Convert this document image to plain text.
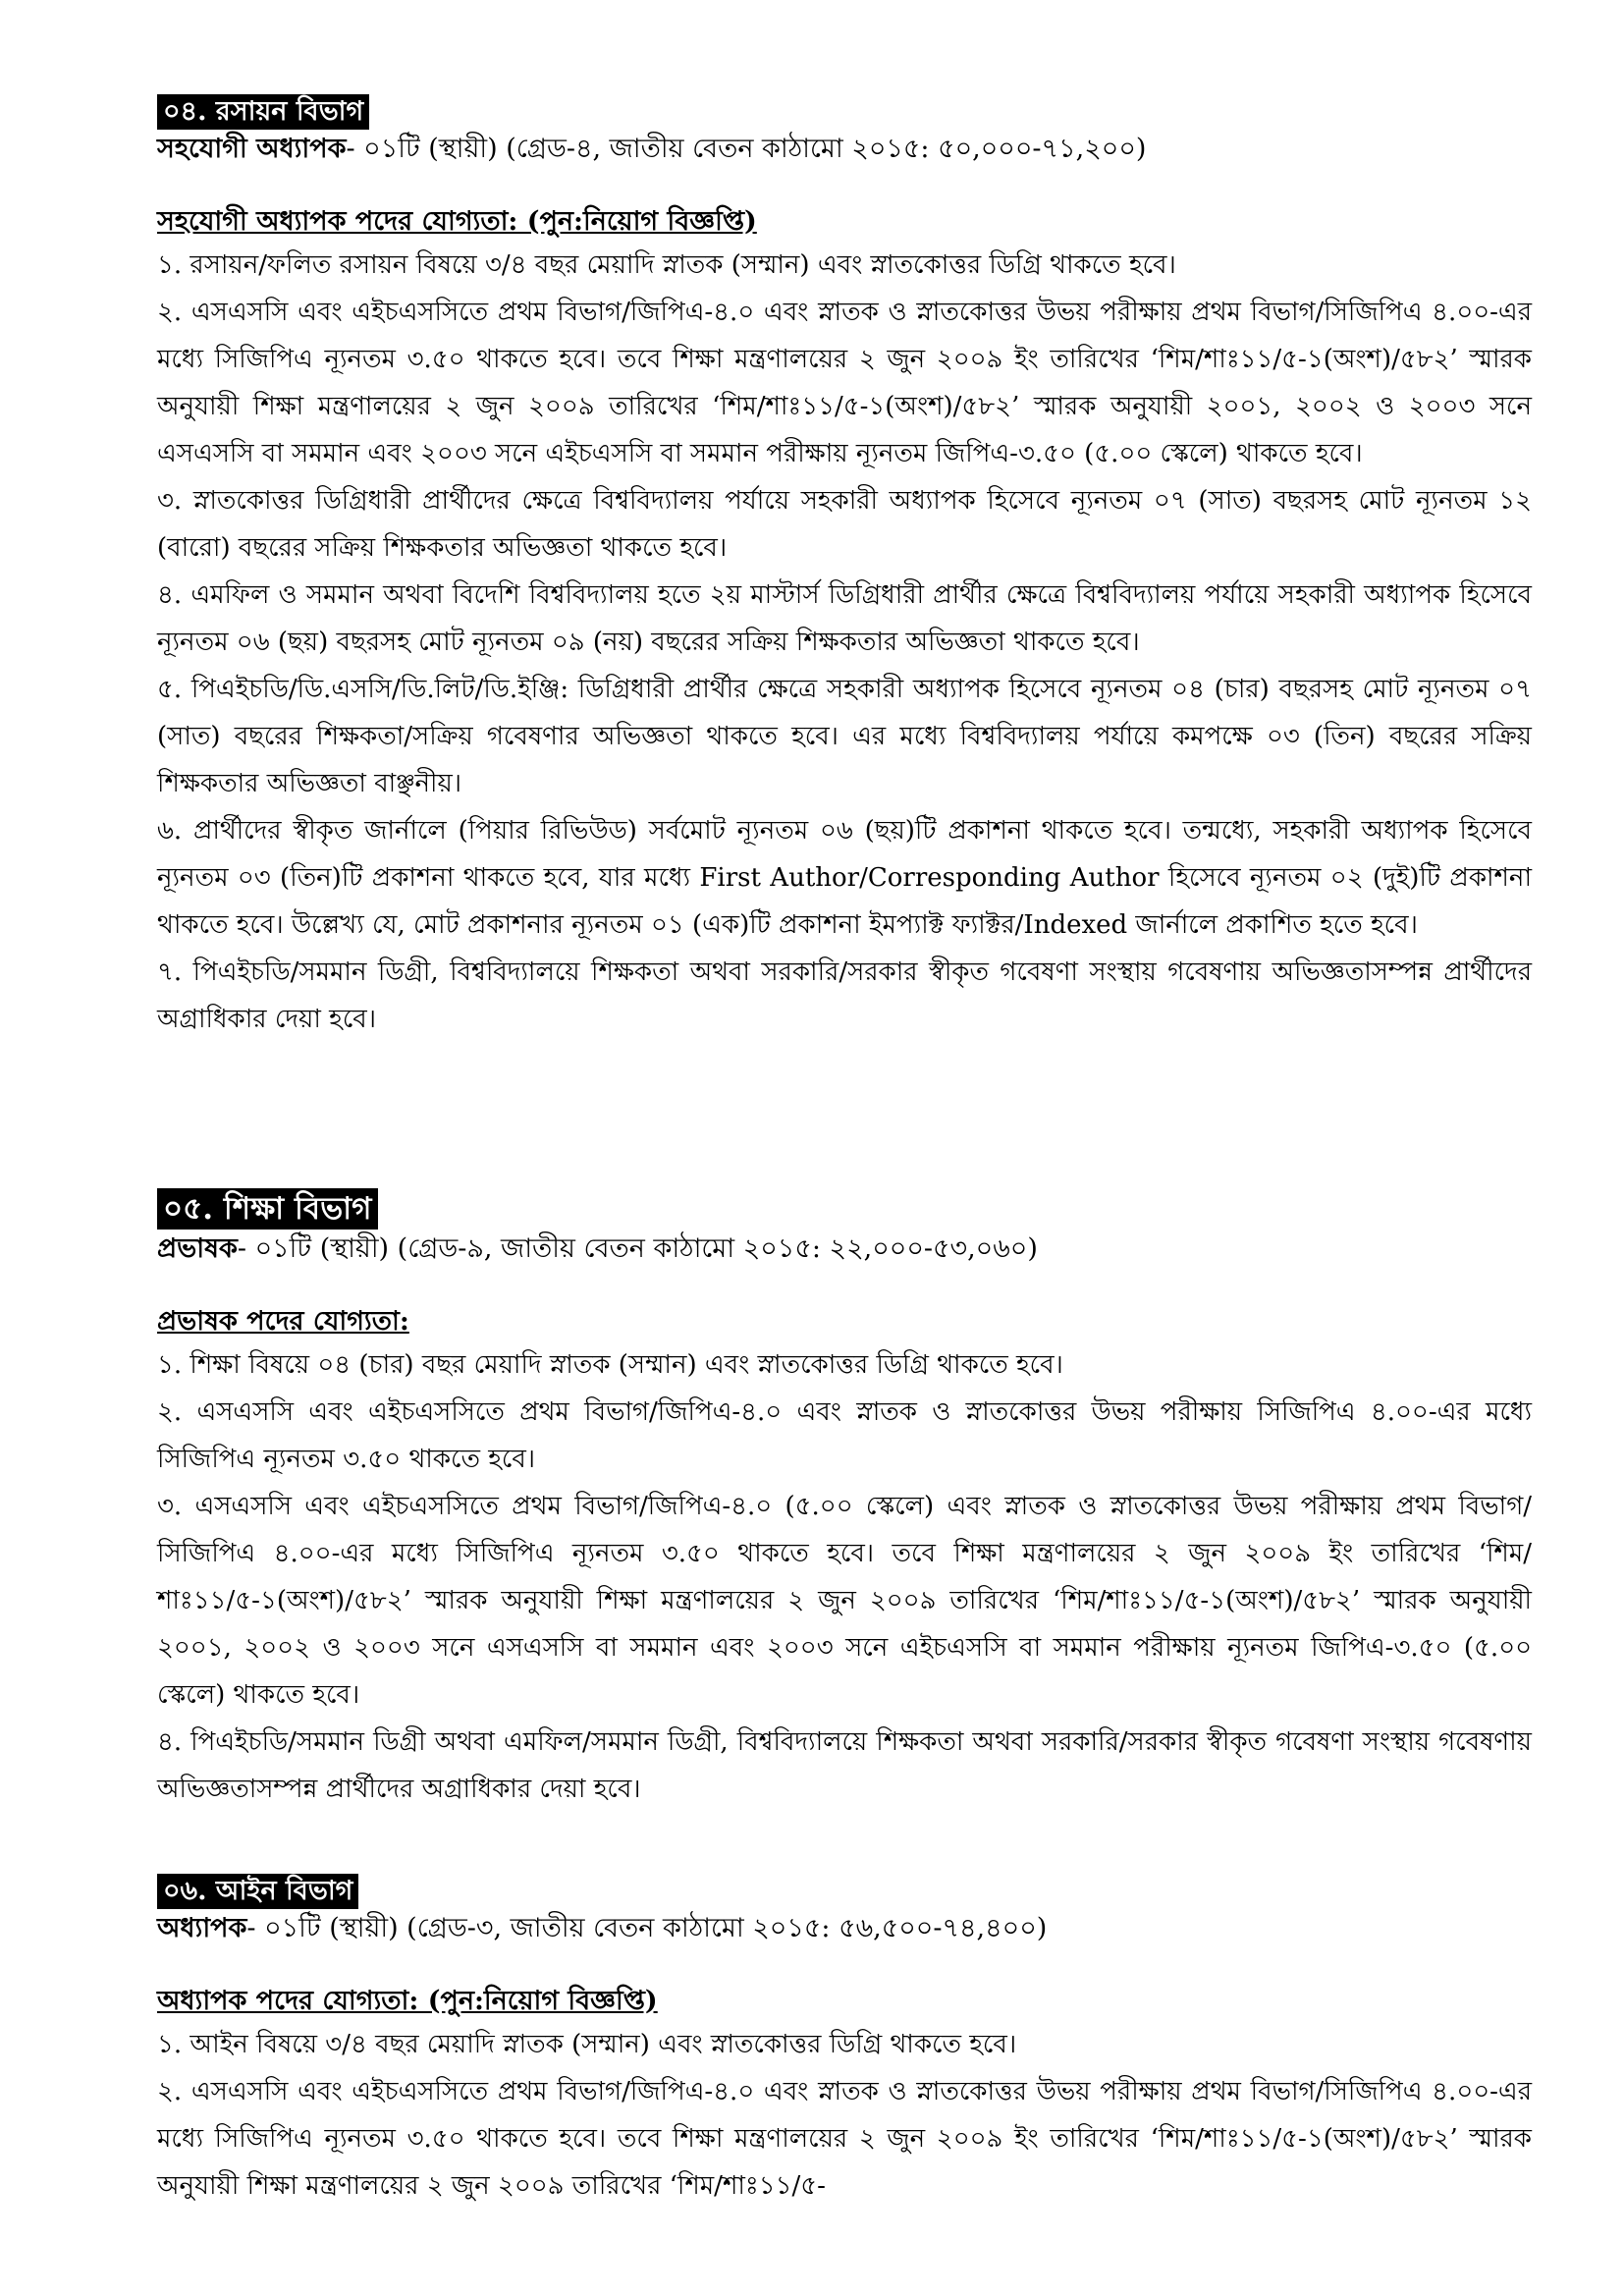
০৪. রসায়ন বিভাগ

সহযোগী অধ্যাপক- ০১টি (স্থায়ী) (গ্রেড-৪, জাতীয় বেতন কাঠামো ২০১৫: ৫০,০০০-৭১,২০০)

সহযোগী অধ্যাপক পদের যোগ্যতা: (পুন:নিয়োগ বিজ্ঞপ্তি)

১. রসায়ন/ফলিত রসায়ন বিষয়ে ৩/৪ বছর মেয়াদি স্নাতক (সম্মান) এবং স্নাতকোত্তর ডিগ্রি থাকতে হবে।
২. এসএসসি এবং এইচএসসিতে প্রথম বিভাগ/জিপিএ-৪.০ এবং স্নাতক ও স্নাতকোত্তর উভয় পরীক্ষায় প্রথম বিভাগ/সিজিপিএ ৪.০০-এর মধ্যে সিজিপিএ ন্যূনতম ৩.৫০ থাকতে হবে। তবে শিক্ষা মন্ত্রণালয়ের ২ জুন ২০০৯ ইং তারিখের ‘শিম/শাঃ১১/৫-১(অংশ)/৫৮২’ স্মারক অনুযায়ী শিক্ষা মন্ত্রণালয়ের ২ জুন ২০০৯ তারিখের ‘শিম/শাঃ১১/৫-১(অংশ)/৫৮২’ স্মারক অনুযায়ী ২০০১, ২০০২ ও ২০০৩ সনে এসএসসি বা সমমান এবং ২০০৩ সনে এইচএসসি বা সমমান পরীক্ষায় ন্যূনতম জিপিএ-৩.৫০ (৫.০০ স্কেলে) থাকতে হবে।
৩. স্নাতকোত্তর ডিগ্রিধারী প্রার্থীদের ক্ষেত্রে বিশ্ববিদ্যালয় পর্যায়ে সহকারী অধ্যাপক হিসেবে ন্যূনতম ০৭ (সাত) বছরসহ মোট ন্যূনতম ১২ (বারো) বছরের সক্রিয় শিক্ষকতার অভিজ্ঞতা থাকতে হবে।
৪. এমফিল ও সমমান অথবা বিদেশি বিশ্ববিদ্যালয় হতে ২য় মাস্টার্স ডিগ্রিধারী প্রার্থীর ক্ষেত্রে বিশ্ববিদ্যালয় পর্যায়ে সহকারী অধ্যাপক হিসেবে ন্যূনতম ০৬ (ছয়) বছরসহ মোট ন্যূনতম ০৯ (নয়) বছরের সক্রিয় শিক্ষকতার অভিজ্ঞতা থাকতে হবে।
৫. পিএইচডি/ডি.এসসি/ডি.লিট/ডি.ইঞ্জি: ডিগ্রিধারী প্রার্থীর ক্ষেত্রে সহকারী অধ্যাপক হিসেবে ন্যূনতম ০৪ (চার) বছরসহ মোট ন্যূনতম ০৭ (সাত) বছরের শিক্ষকতা/সক্রিয় গবেষণার অভিজ্ঞতা থাকতে হবে। এর মধ্যে বিশ্ববিদ্যালয় পর্যায়ে কমপক্ষে ০৩ (তিন) বছরের সক্রিয় শিক্ষকতার অভিজ্ঞতা বাঞ্ছনীয়।
৬. প্রার্থীদের স্বীকৃত জার্নালে (পিয়ার রিভিউড) সর্বমোট ন্যূনতম ০৬ (ছয়)টি প্রকাশনা থাকতে হবে। তন্মধ্যে, সহকারী অধ্যাপক হিসেবে ন্যূনতম ০৩ (তিন)টি প্রকাশনা থাকতে হবে, যার মধ্যে First Author/Corresponding Author হিসেবে ন্যূনতম ০২ (দুই)টি প্রকাশনা থাকতে হবে। উল্লেখ্য যে, মোট প্রকাশনার ন্যূনতম ০১ (এক)টি প্রকাশনা ইমপ্যাক্ট ফ্যাক্টর/Indexed জার্নালে প্রকাশিত হতে হবে।
৭. পিএইচডি/সমমান ডিগ্রী, বিশ্ববিদ্যালয়ে শিক্ষকতা অথবা সরকারি/সরকার স্বীকৃত গবেষণা সংস্থায় গবেষণায় অভিজ্ঞতাসম্পন্ন প্রার্থীদের অগ্রাধিকার দেয়া হবে।
০৫. শিক্ষা বিভাগ

প্রভাষক- ০১টি (স্থায়ী) (গ্রেড-৯, জাতীয় বেতন কাঠামো ২০১৫: ২২,০০০-৫৩,০৬০)

প্রভাষক পদের যোগ্যতা:

১. শিক্ষা বিষয়ে ০৪ (চার) বছর মেয়াদি স্নাতক (সম্মান) এবং স্নাতকোত্তর ডিগ্রি থাকতে হবে।
২. এসএসসি এবং এইচএসসিতে প্রথম বিভাগ/জিপিএ-৪.০ এবং স্নাতক ও স্নাতকোত্তর উভয় পরীক্ষায় সিজিপিএ ৪.০০-এর মধ্যে সিজিপিএ ন্যূনতম ৩.৫০ থাকতে হবে।
৩. এসএসসি এবং এইচএসসিতে প্রথম বিভাগ/জিপিএ-৪.০ (৫.০০ স্কেলে) এবং স্নাতক ও স্নাতকোত্তর উভয় পরীক্ষায় প্রথম বিভাগ/সিজিপিএ ৪.০০-এর মধ্যে সিজিপিএ ন্যূনতম ৩.৫০ থাকতে হবে। তবে শিক্ষা মন্ত্রণালয়ের ২ জুন ২০০৯ ইং তারিখের ‘শিম/শাঃ১১/৫-১(অংশ)/৫৮২’ স্মারক অনুযায়ী শিক্ষা মন্ত্রণালয়ের ২ জুন ২০০৯ তারিখের ‘শিম/শাঃ১১/৫-১(অংশ)/৫৮২’ স্মারক অনুযায়ী ২০০১, ২০০২ ও ২০০৩ সনে এসএসসি বা সমমান এবং ২০০৩ সনে এইচএসসি বা সমমান পরীক্ষায় ন্যূনতম জিপিএ-৩.৫০ (৫.০০ স্কেলে) থাকতে হবে।
৪. পিএইচডি/সমমান ডিগ্রী অথবা এমফিল/সমমান ডিগ্রী, বিশ্ববিদ্যালয়ে শিক্ষকতা অথবা সরকারি/সরকার স্বীকৃত গবেষণা সংস্থায় গবেষণায় অভিজ্ঞতাসম্পন্ন প্রার্থীদের অগ্রাধিকার দেয়া হবে।
০৬. আইন বিভাগ

অধ্যাপক- ০১টি (স্থায়ী) (গ্রেড-৩, জাতীয় বেতন কাঠামো ২০১৫: ৫৬,৫০০-৭৪,৪০০)

অধ্যাপক পদের যোগ্যতা: (পুন:নিয়োগ বিজ্ঞপ্তি)

১. আইন বিষয়ে ৩/৪ বছর মেয়াদি স্নাতক (সম্মান) এবং স্নাতকোত্তর ডিগ্রি থাকতে হবে।
২. এসএসসি এবং এইচএসসিতে প্রথম বিভাগ/জিপিএ-৪.০ এবং স্নাতক ও স্নাতকোত্তর উভয় পরীক্ষায় প্রথম বিভাগ/সিজিপিএ ৪.০০-এর মধ্যে সিজিপিএ ন্যূনতম ৩.৫০ থাকতে হবে। তবে শিক্ষা মন্ত্রণালয়ের ২ জুন ২০০৯ ইং তারিখের ‘শিম/শাঃ১১/৫-১(অংশ)/৫৮২’ স্মারক অনুযায়ী শিক্ষা মন্ত্রণালয়ের ২ জুন ২০০৯ তারিখের ‘শিম/শাঃ১১/৫-
